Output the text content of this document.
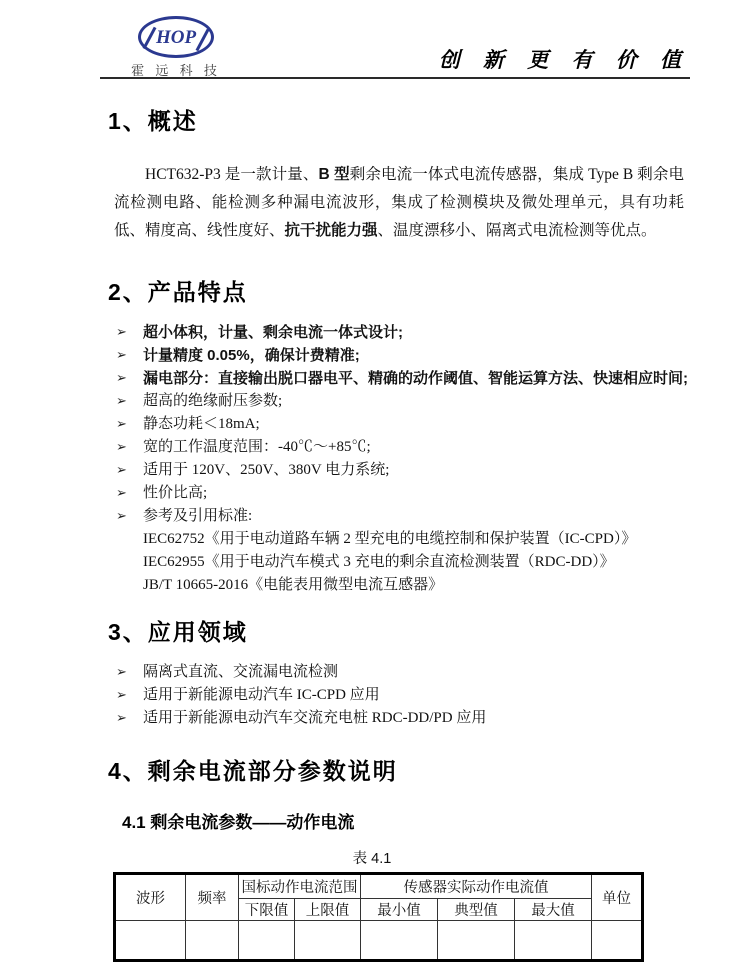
HOP
霍 远 科 技	创 新 更 有 价 值
1、概述

HCT632-P3 是一款计量、B 型剩余电流一体式电流传感器，集成 Type B 剩余电流检测电路、能检测多种漏电流波形，集成了检测模块及微处理单元，具有功耗低、精度高、线性度好、抗干扰能力强、温度漂移小、隔离式电流检测等优点。

2、产品特点
➢	超小体积，计量、剩余电流一体式设计;
➢	计量精度 0.05%，确保计费精准;
➢	漏电部分：直接输出脱口器电平、精确的动作阈值、智能运算方法、快速相应时间;
➢	超高的绝缘耐压参数;
➢	静态功耗＜18mA;
➢	宽的工作温度范围：-40℃～+85℃;
➢	适用于 120V、250V、380V 电力系统;
➢	性价比高;
➢	参考及引用标准:
IEC62752《用于电动道路车辆 2 型充电的电缆控制和保护装置（IC-CPD）》
IEC62955《用于电动汽车模式 3 充电的剩余直流检测装置（RDC-DD）》
JB/T 10665-2016《电能表用微型电流互感器》
3、应用领域
➢	隔离式直流、交流漏电流检测
➢	适用于新能源电动汽车 IC-CPD 应用
➢	适用于新能源电动汽车交流充电桩 RDC-DD/PD 应用
4、剩余电流部分参数说明
4.1 剩余电流参数——动作电流
表 4.1
波形	频率	国标动作电流范围		传感器实际动作电流值			单位
		下限值	上限值	最小值	典型值	最大值	
